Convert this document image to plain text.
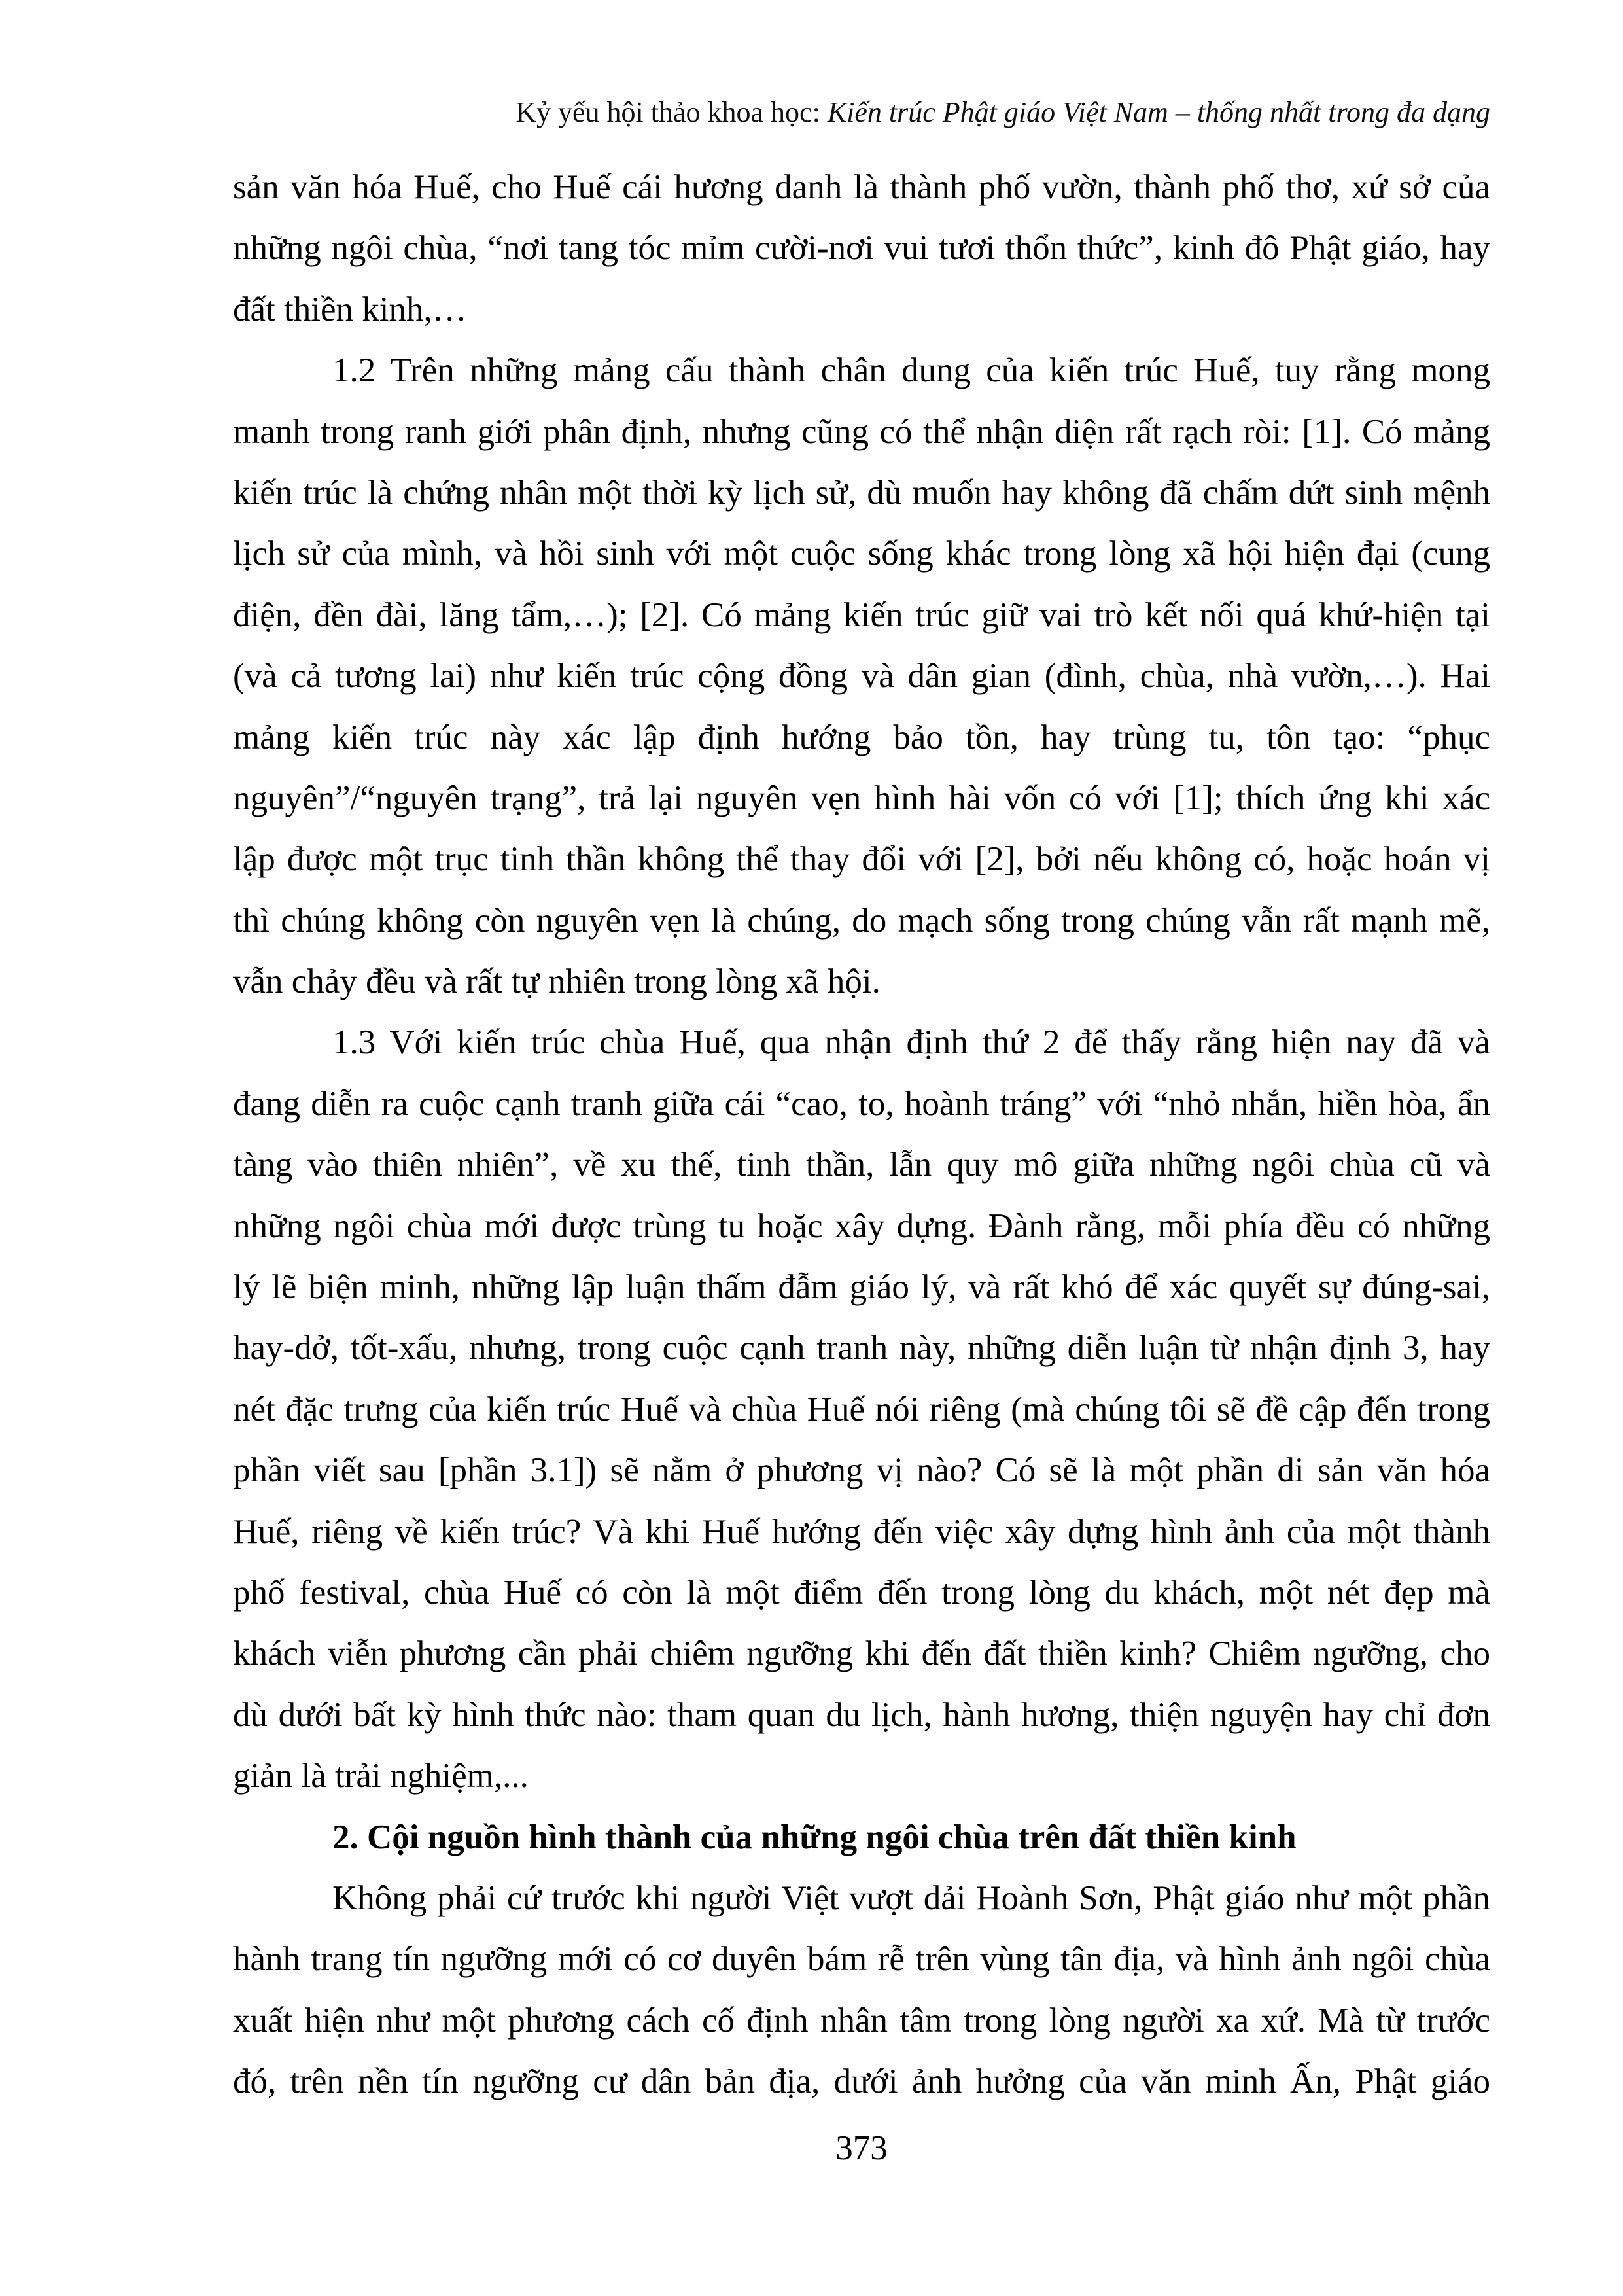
Kỷ yếu hội thảo khoa học: Kiến trúc Phật giáo Việt Nam – thống nhất trong đa dạng
sản văn hóa Huế, cho Huế cái hương danh là thành phố vườn, thành phố thơ, xứ sở của
những ngôi chùa, “nơi tang tóc mỉm cười-nơi vui tươi thổn thức”, kinh đô Phật giáo, hay
đất thiền kinh,…
1.2 Trên những mảng cấu thành chân dung của kiến trúc Huế, tuy rằng mong
manh trong ranh giới phân định, nhưng cũng có thể nhận diện rất rạch ròi: [1]. Có mảng
kiến trúc là chứng nhân một thời kỳ lịch sử, dù muốn hay không đã chấm dứt sinh mệnh
lịch sử của mình, và hồi sinh với một cuộc sống khác trong lòng xã hội hiện đại (cung
điện, đền đài, lăng tẩm,…); [2]. Có mảng kiến trúc giữ vai trò kết nối quá khứ-hiện tại
(và cả tương lai) như kiến trúc cộng đồng và dân gian (đình, chùa, nhà vườn,…). Hai
mảng kiến trúc này xác lập định hướng bảo tồn, hay trùng tu, tôn tạo: “phục
nguyên”/“nguyên trạng”, trả lại nguyên vẹn hình hài vốn có với [1]; thích ứng khi xác
lập được một trục tinh thần không thể thay đổi với [2], bởi nếu không có, hoặc hoán vị
thì chúng không còn nguyên vẹn là chúng, do mạch sống trong chúng vẫn rất mạnh mẽ,
vẫn chảy đều và rất tự nhiên trong lòng xã hội.
1.3 Với kiến trúc chùa Huế, qua nhận định thứ 2 để thấy rằng hiện nay đã và
đang diễn ra cuộc cạnh tranh giữa cái “cao, to, hoành tráng” với “nhỏ nhắn, hiền hòa, ẩn
tàng vào thiên nhiên”, về xu thế, tinh thần, lẫn quy mô giữa những ngôi chùa cũ và
những ngôi chùa mới được trùng tu hoặc xây dựng. Đành rằng, mỗi phía đều có những
lý lẽ biện minh, những lập luận thấm đẫm giáo lý, và rất khó để xác quyết sự đúng-sai,
hay-dở, tốt-xấu, nhưng, trong cuộc cạnh tranh này, những diễn luận từ nhận định 3, hay
nét đặc trưng của kiến trúc Huế và chùa Huế nói riêng (mà chúng tôi sẽ đề cập đến trong
phần viết sau [phần 3.1]) sẽ nằm ở phương vị nào? Có sẽ là một phần di sản văn hóa
Huế, riêng về kiến trúc? Và khi Huế hướng đến việc xây dựng hình ảnh của một thành
phố festival, chùa Huế có còn là một điểm đến trong lòng du khách, một nét đẹp mà
khách viễn phương cần phải chiêm ngưỡng khi đến đất thiền kinh? Chiêm ngưỡng, cho
dù dưới bất kỳ hình thức nào: tham quan du lịch, hành hương, thiện nguyện hay chỉ đơn
giản là trải nghiệm,...
2. Cội nguồn hình thành của những ngôi chùa trên đất thiền kinh
Không phải cứ trước khi người Việt vượt dải Hoành Sơn, Phật giáo như một phần
hành trang tín ngưỡng mới có cơ duyên bám rễ trên vùng tân địa, và hình ảnh ngôi chùa
xuất hiện như một phương cách cố định nhân tâm trong lòng người xa xứ. Mà từ trước
đó, trên nền tín ngưỡng cư dân bản địa, dưới ảnh hưởng của văn minh Ấn, Phật giáo
373
